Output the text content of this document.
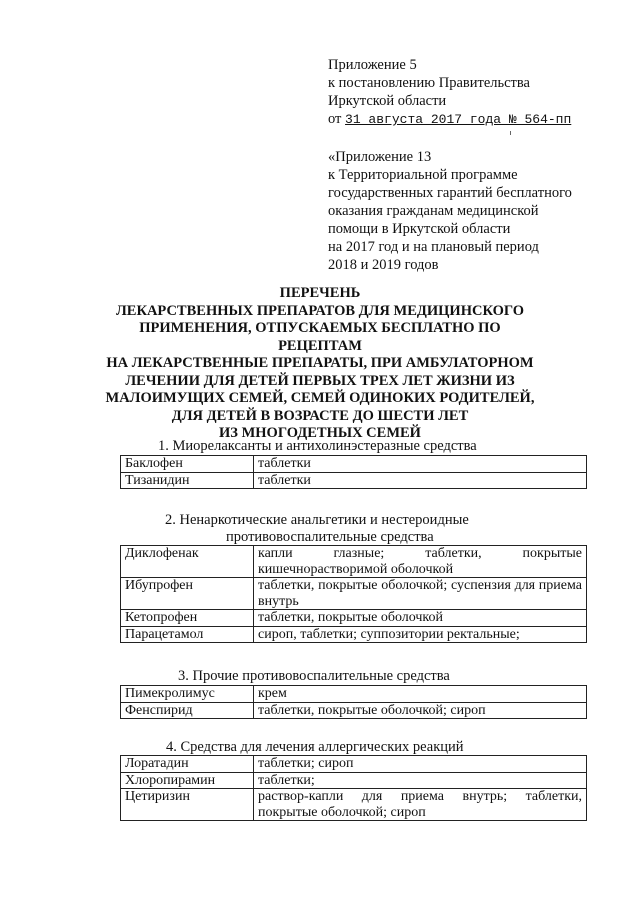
Приложение 5
к постановлению Правительства
Иркутской области
от 31 августа 2017 года № 564-пп
«Приложение 13
к Территориальной программе
государственных гарантий бесплатного
оказания гражданам медицинской
помощи в Иркутской области
на 2017 год и на плановый период
2018 и 2019 годов
ПЕРЕЧЕНЬ
ЛЕКАРСТВЕННЫХ ПРЕПАРАТОВ ДЛЯ МЕДИЦИНСКОГО
ПРИМЕНЕНИЯ, ОТПУСКАЕМЫХ БЕСПЛАТНО ПО РЕЦЕПТАМ
НА ЛЕКАРСТВЕННЫЕ ПРЕПАРАТЫ, ПРИ АМБУЛАТОРНОМ
ЛЕЧЕНИИ ДЛЯ ДЕТЕЙ ПЕРВЫХ ТРЕХ ЛЕТ ЖИЗНИ ИЗ
МАЛОИМУЩИХ СЕМЕЙ, СЕМЕЙ ОДИНОКИХ РОДИТЕЛЕЙ,
ДЛЯ ДЕТЕЙ В ВОЗРАСТЕ ДО ШЕСТИ ЛЕТ
ИЗ МНОГОДЕТНЫХ СЕМЕЙ
1. Миорелаксанты и антихолинэстеразные средства
Баклофен	таблетки
Тизанидин	таблетки
2. Ненаркотические анальгетики и нестероидные
противовоспалительные средства
Диклофенак	капли глазные; таблетки, покрытые кишечнорастворимой оболочкой
Ибупрофен	таблетки, покрытые оболочкой; суспензия для приема внутрь
Кетопрофен	таблетки, покрытые оболочкой
Парацетамол	сироп, таблетки; суппозитории ректальные;
3. Прочие противовоспалительные средства
Пимекролимус	крем
Фенспирид	таблетки, покрытые оболочкой; сироп
4. Средства для лечения аллергических реакций
Лоратадин	таблетки; сироп
Хлоропирамин	таблетки;
Цетиризин	раствор-капли для приема внутрь; таблетки, покрытые оболочкой; сироп
